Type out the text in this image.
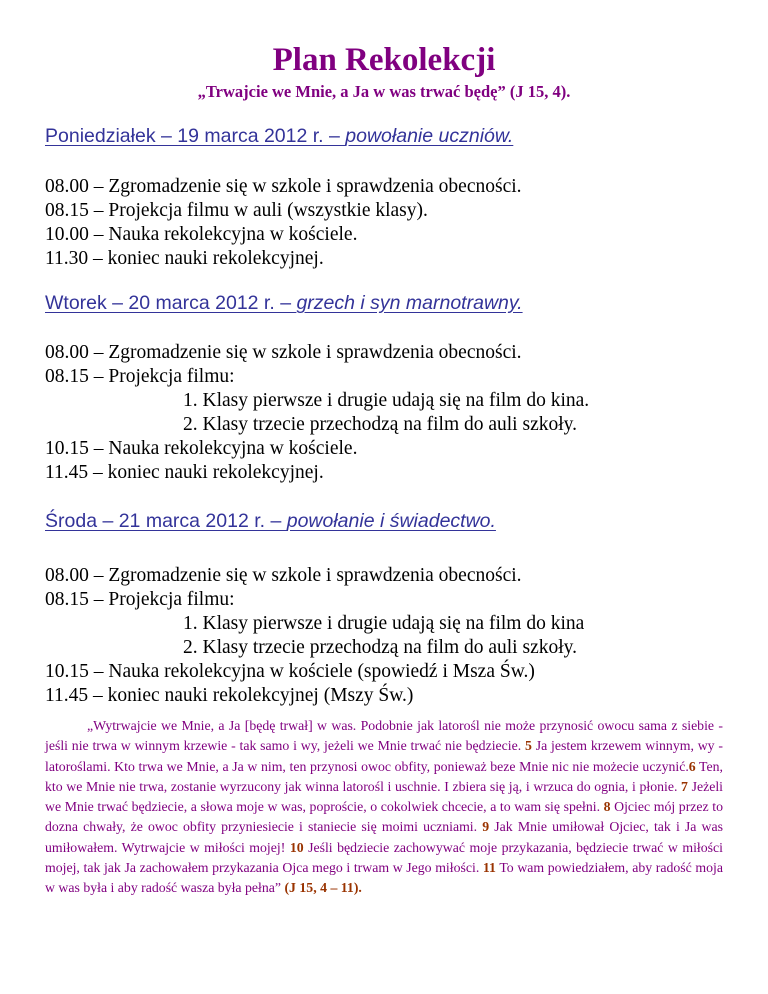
Plan Rekolekcji
„Trwajcie we Mnie, a Ja w was trwać będę” (J 15, 4).
Poniedziałek – 19 marca 2012 r. – powołanie uczniów.
08.00 – Zgromadzenie się w szkole i sprawdzenia obecności.
08.15 – Projekcja filmu w auli (wszystkie klasy).
10.00 – Nauka rekolekcyjna w kościele.
11.30 – koniec nauki rekolekcyjnej.
Wtorek – 20 marca 2012 r. – grzech i syn marnotrawny.
08.00 – Zgromadzenie się w szkole i sprawdzenia obecności.
08.15 – Projekcja filmu:
1. Klasy pierwsze i drugie udają się na film do kina.
2. Klasy trzecie przechodzą na film do auli szkoły.
10.15 – Nauka rekolekcyjna w kościele.
11.45 – koniec nauki rekolekcyjnej.
Środa – 21 marca 2012 r. – powołanie i świadectwo.
08.00 – Zgromadzenie się w szkole i sprawdzenia obecności.
08.15 – Projekcja filmu:
1. Klasy pierwsze i drugie udają się na film do kina
2. Klasy trzecie przechodzą na film do auli szkoły.
10.15 – Nauka rekolekcyjna w kościele (spowiedź i Msza Św.)
11.45 – koniec nauki rekolekcyjnej (Mszy Św.)
„Wytrwajcie we Mnie, a Ja [będę trwał] w was. Podobnie jak latorośl nie może przynosić owocu sama z siebie - jeśli nie trwa w winnym krzewie - tak samo i wy, jeżeli we Mnie trwać nie będziecie. 5 Ja jestem krzewem winnym, wy - latoroślami. Kto trwa we Mnie, a Ja w nim, ten przynosi owoc obfity, ponieważ beze Mnie nic nie możecie uczynić.6 Ten, kto we Mnie nie trwa, zostanie wyrzucony jak winna latorośl i uschnie. I zbiera się ją, i wrzuca do ognia, i płonie. 7 Jeżeli we Mnie trwać będziecie, a słowa moje w was, poproście, o cokolwiek chcecie, a to wam się spełni. 8 Ojciec mój przez to dozna chwały, że owoc obfity przyniesiecie i staniecie się moimi uczniami. 9 Jak Mnie umiłował Ojciec, tak i Ja was umiłowałem. Wytrwajcie w miłości mojej! 10 Jeśli będziecie zachowywać moje przykazania, będziecie trwać w miłości mojej, tak jak Ja zachowałem przykazania Ojca mego i trwam w Jego miłości. 11 To wam powiedziałem, aby radość moja w was była i aby radość wasza była pełna” (J 15, 4 – 11).
